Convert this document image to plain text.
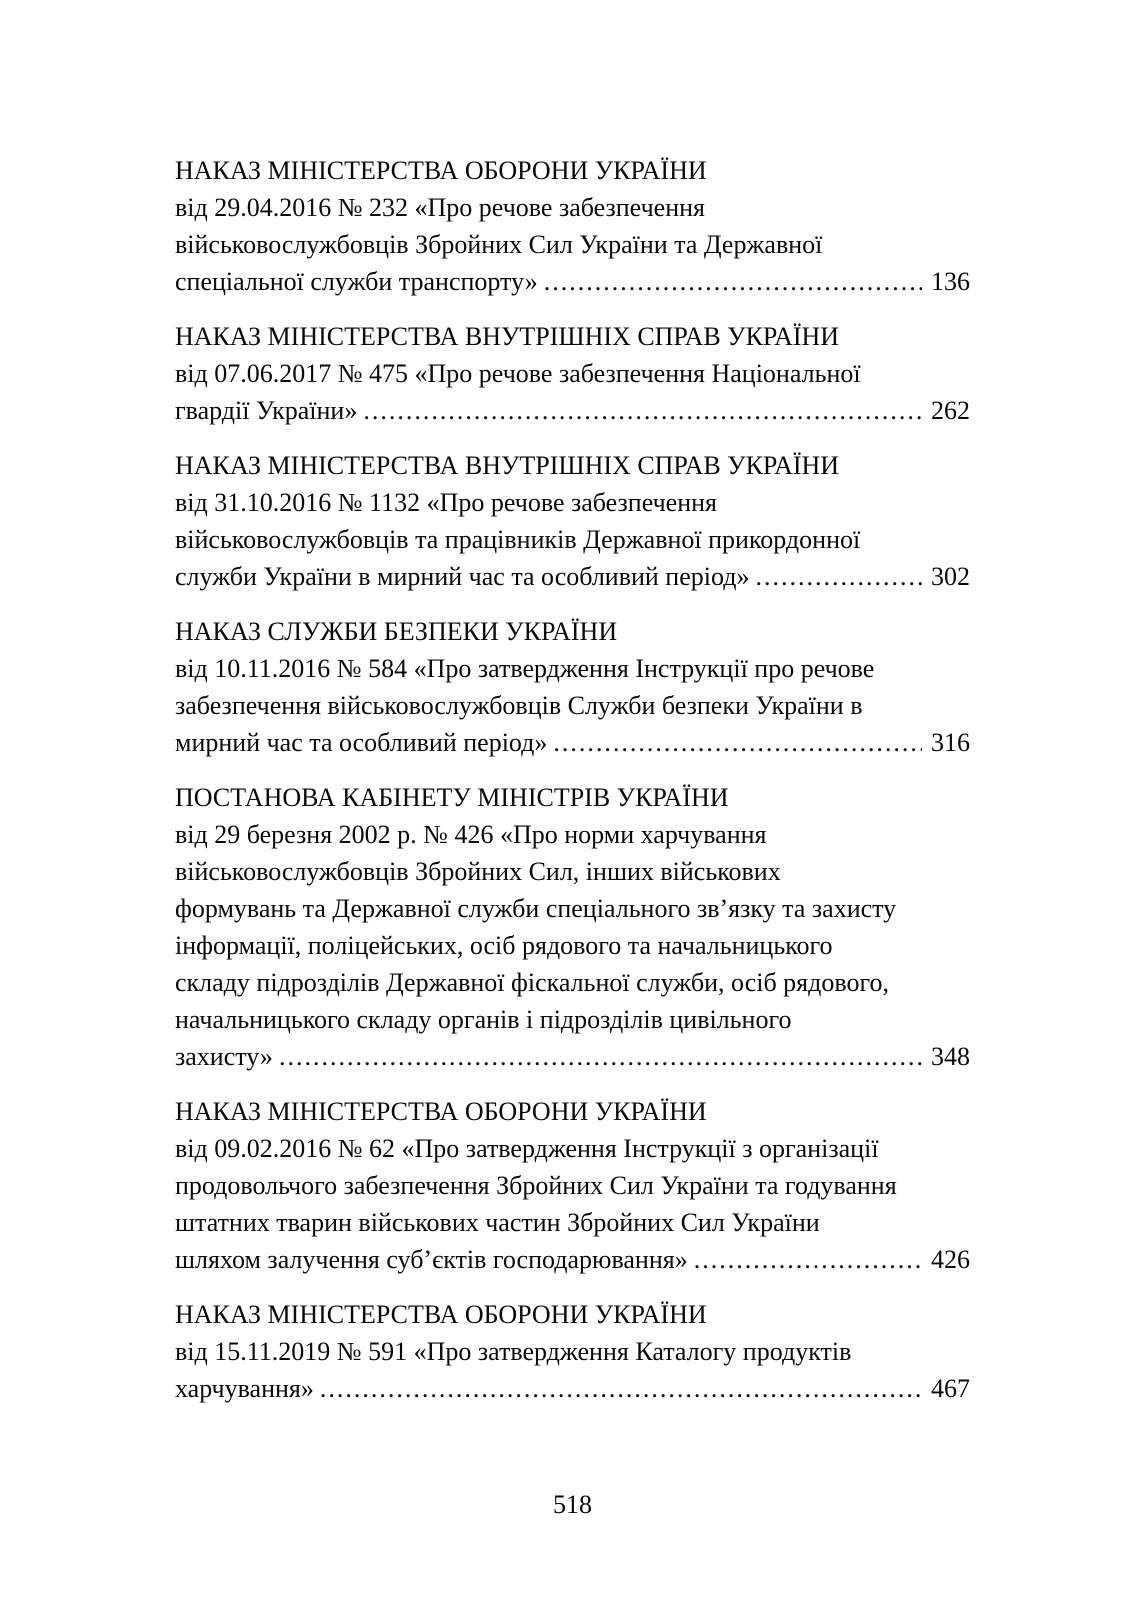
НАКАЗ МІНІСТЕРСТВА ОБОРОНИ УКРАЇНИ
від 29.04.2016 № 232 «Про речове забезпечення
військовослужбовців Збройних Сил України та Державної
спеціальної служби транспорту» .....	136
НАКАЗ МІНІСТЕРСТВА ВНУТРІШНІХ СПРАВ УКРАЇНИ
від 07.06.2017 № 475 «Про речове забезпечення Національної
гвардії України» .....	262
НАКАЗ МІНІСТЕРСТВА ВНУТРІШНІХ СПРАВ УКРАЇНИ
від 31.10.2016 № 1132 «Про речове забезпечення
військовослужбовців та працівників Державної прикордонної
служби України в мирний час та особливий період» .....	302
НАКАЗ СЛУЖБИ БЕЗПЕКИ УКРАЇНИ
від 10.11.2016 № 584 «Про затвердження Інструкції про речове
забезпечення військовослужбовців Служби безпеки України в
мирний час та особливий період» .....	316
ПОСТАНОВА КАБІНЕТУ МІНІСТРІВ УКРАЇНИ
від 29 березня 2002 р. № 426 «Про норми харчування
військовослужбовців Збройних Сил, інших військових
формувань та Державної служби спеціального зв’язку та захисту
інформації, поліцейських, осіб рядового та начальницького
складу підрозділів Державної фіскальної служби, осіб рядового,
начальницького складу органів і підрозділів цивільного
захисту» .....	348
НАКАЗ МІНІСТЕРСТВА ОБОРОНИ УКРАЇНИ
від 09.02.2016 № 62 «Про затвердження Інструкції з організації
продовольчого забезпечення Збройних Сил України та годування
штатних тварин військових частин Збройних Сил України
шляхом залучення суб’єктів господарювання» .....	426
НАКАЗ МІНІСТЕРСТВА ОБОРОНИ УКРАЇНИ
від 15.11.2019 № 591 «Про затвердження Каталогу продуктів
харчування» .....	467
518
